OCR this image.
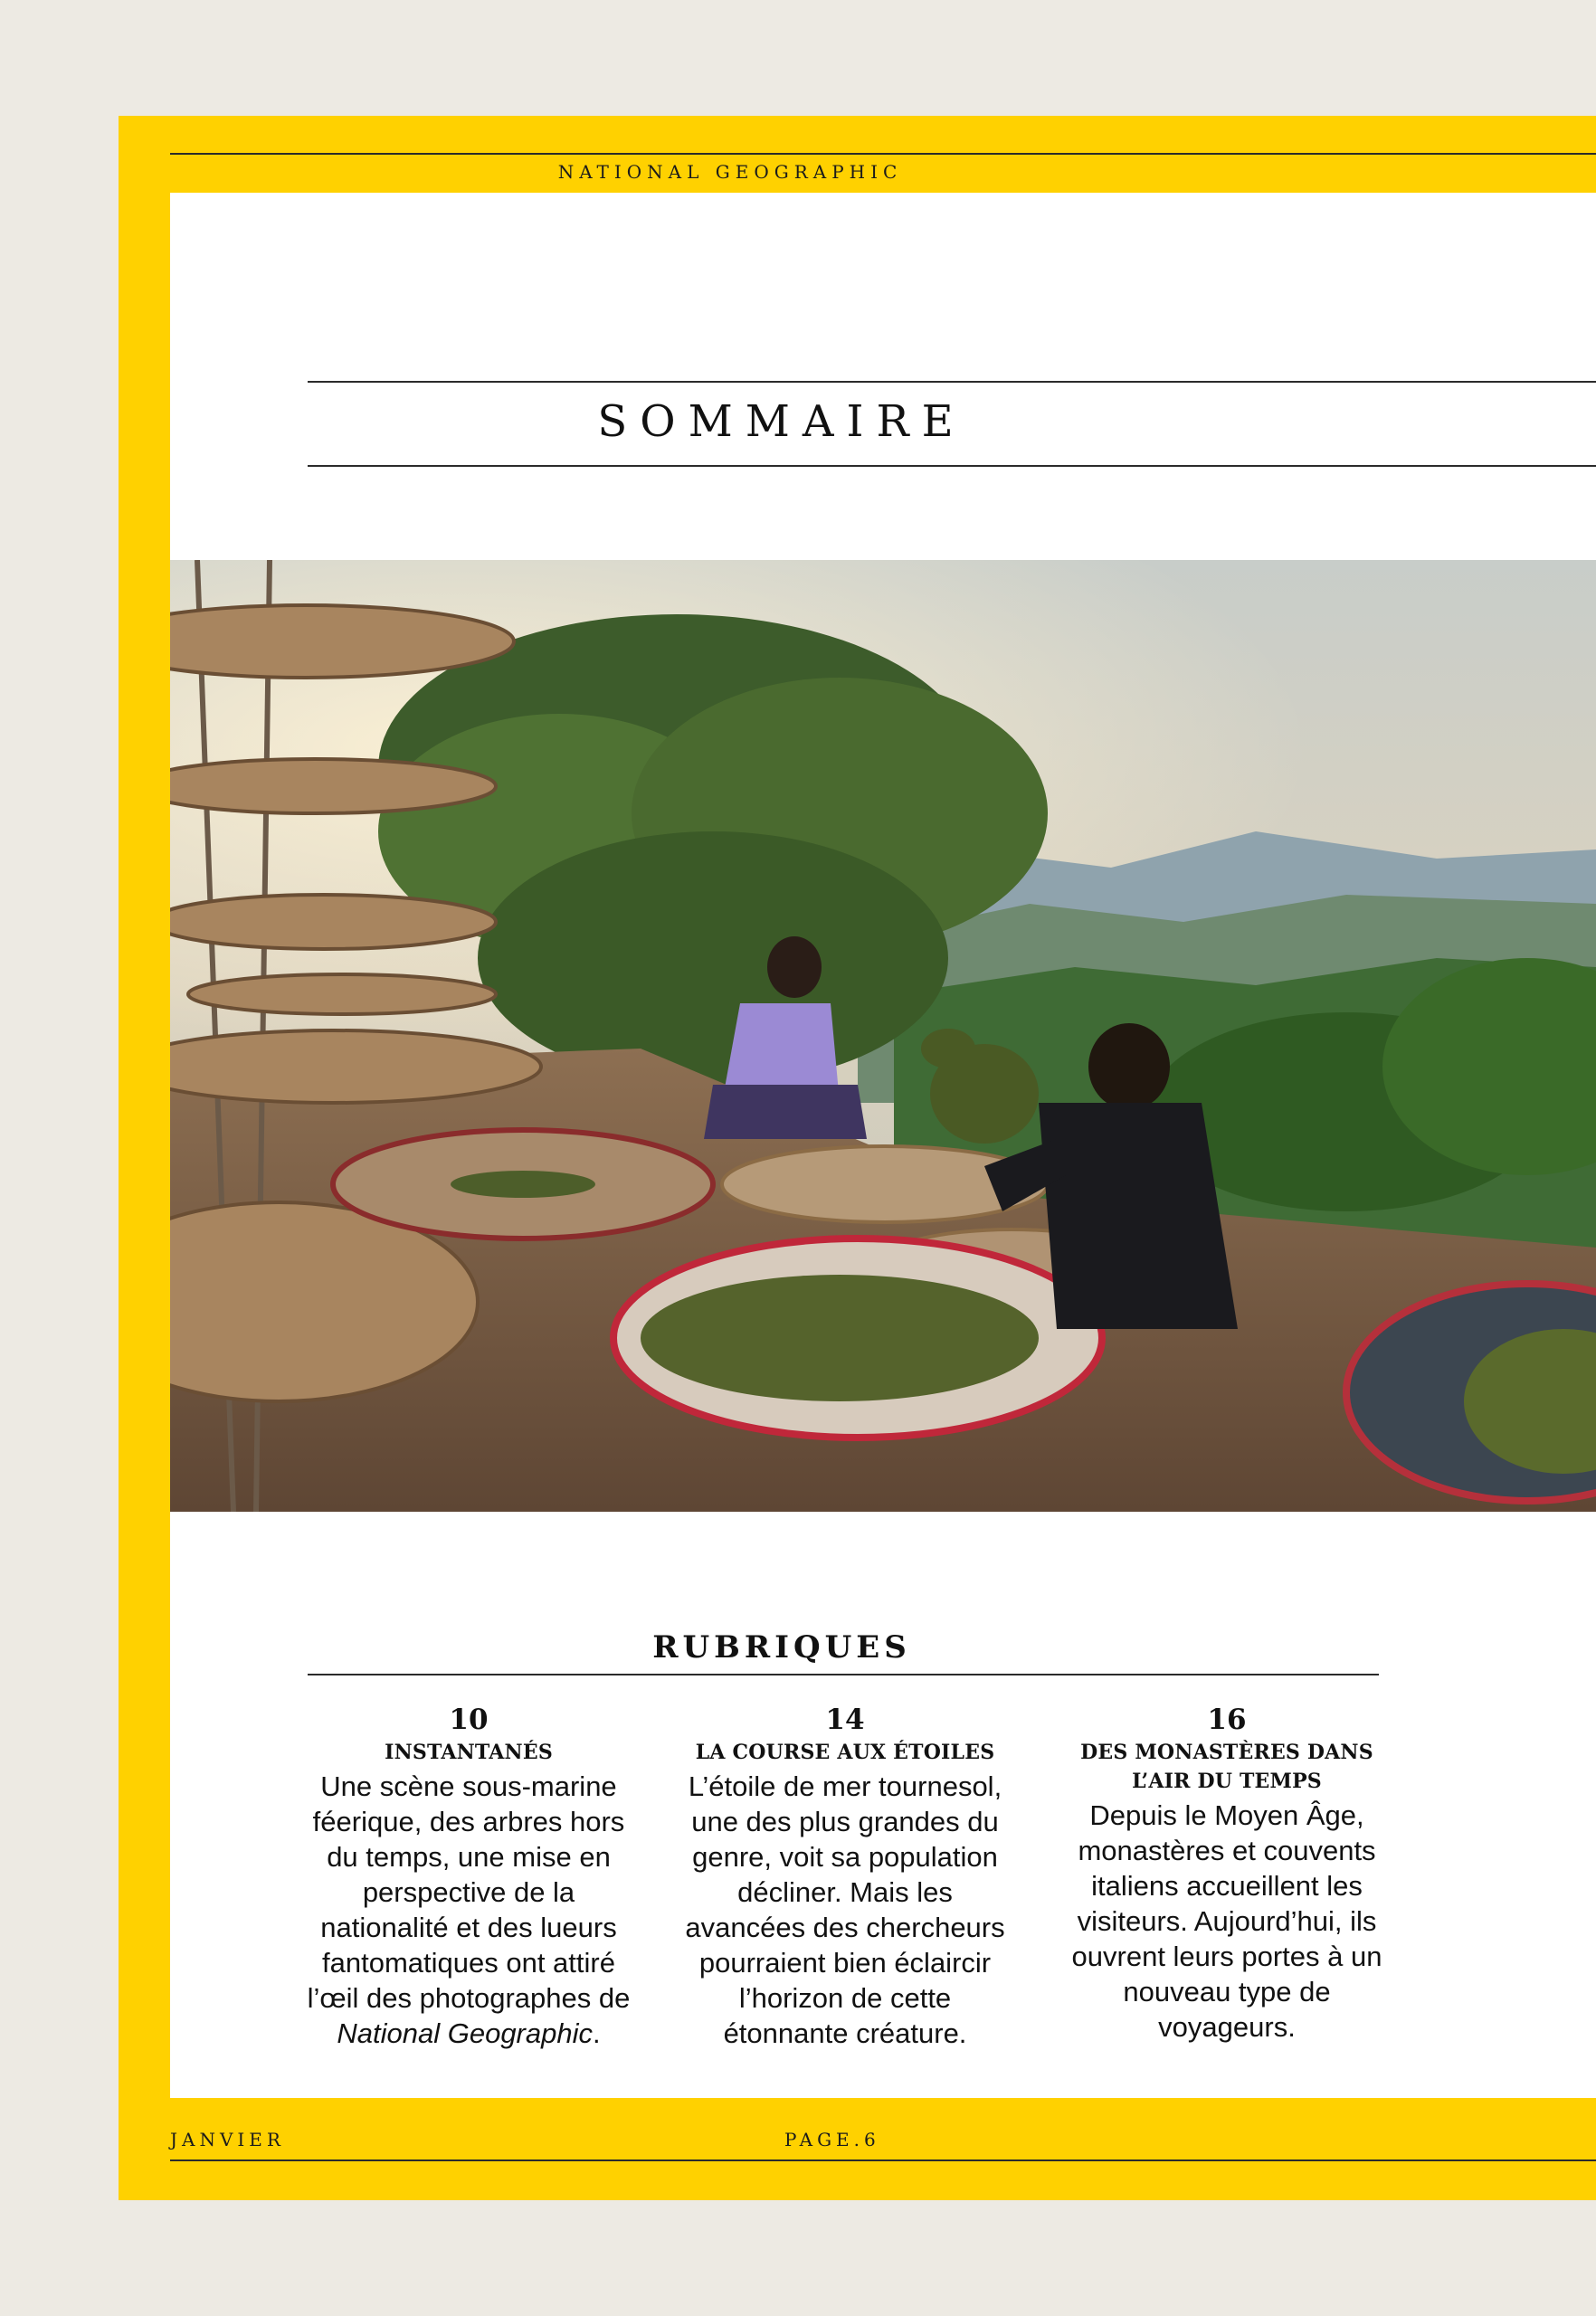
NATIONAL GEOGRAPHIC
SOMMAIRE
RUBRIQUES
10
INSTANTANÉS
Une scène sous-marine féerique, des arbres hors du temps, une mise en perspective de la nationalité et des lueurs fantomatiques ont attiré l’œil des photographes de National Geographic.
14
LA COURSE AUX ÉTOILES
L’étoile de mer tournesol, une des plus grandes du genre, voit sa population décliner. Mais les avancées des chercheurs pourraient bien éclaircir l’horizon de cette étonnante créature.
16
DES MONASTÈRES DANS L’AIR DU TEMPS
Depuis le Moyen Âge, monastères et couvents italiens accueillent les visiteurs. Aujourd’hui, ils ouvrent leurs portes à un nouveau type de voyageurs.
JANVIER	PAGE.6
